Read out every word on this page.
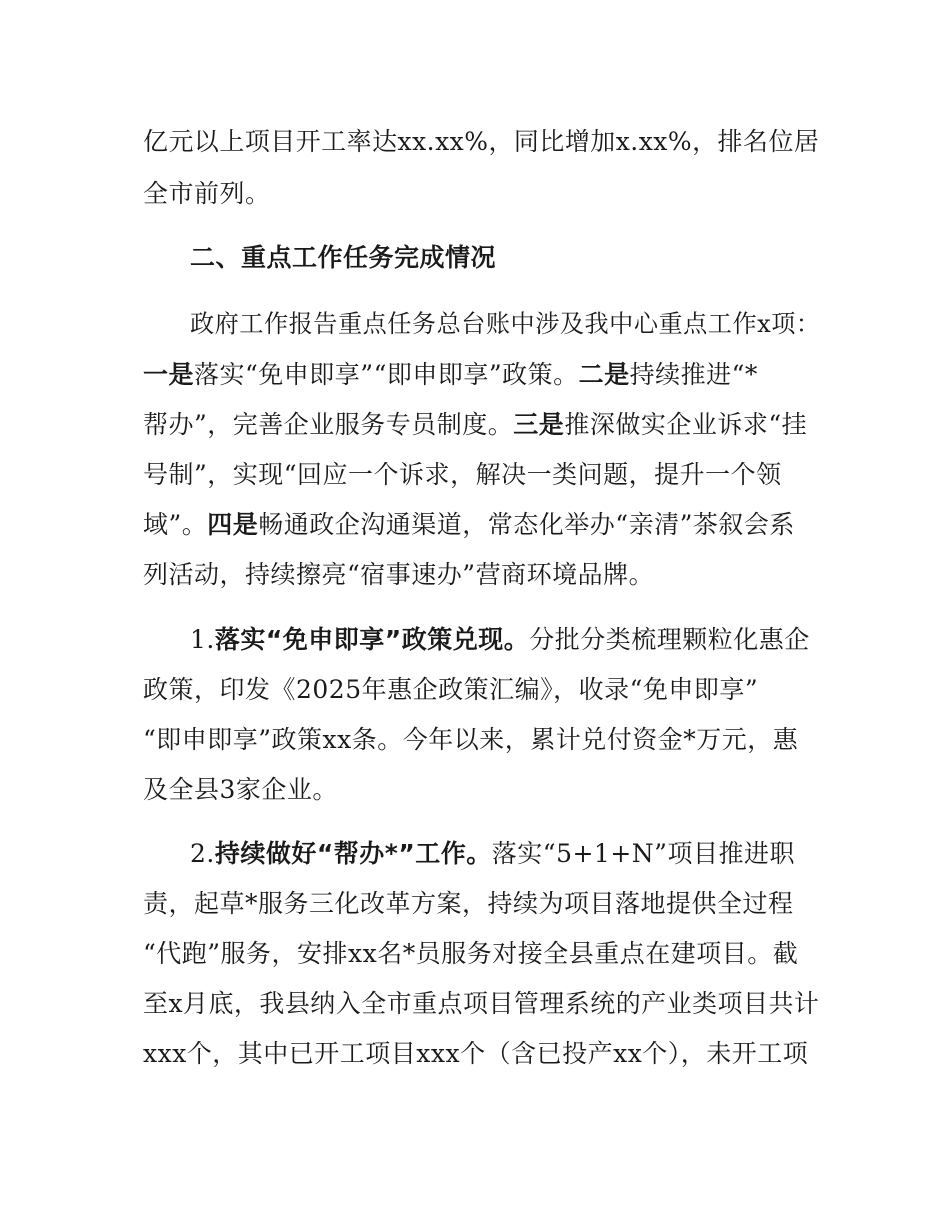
亿元以上项目开工率达xx.xx%，同比增加x.xx%，排名位居
全市前列。
二、重点工作任务完成情况
政府工作报告重点任务总台账中涉及我中心重点工作x项：
一是落实“免申即享”“即申即享”政策。二是持续推进“*
帮办”，完善企业服务专员制度。三是推深做实企业诉求“挂
号制”，实现“回应一个诉求，解决一类问题，提升一个领
域”。四是畅通政企沟通渠道，常态化举办“亲清”茶叙会系
列活动，持续擦亮“宿事速办”营商环境品牌。
1.落实“免申即享”政策兑现。分批分类梳理颗粒化惠企
政策，印发《2025年惠企政策汇编》，收录“免申即享”
“即申即享”政策xx条。今年以来，累计兑付资金*万元，惠
及全县3家企业。
2.持续做好“帮办*”工作。落实“5+1+N”项目推进职
责，起草*服务三化改革方案，持续为项目落地提供全过程
“代跑”服务，安排xx名*员服务对接全县重点在建项目。截
至x月底，我县纳入全市重点项目管理系统的产业类项目共计
xxx个，其中已开工项目xxx个（含已投产xx个），未开工项
